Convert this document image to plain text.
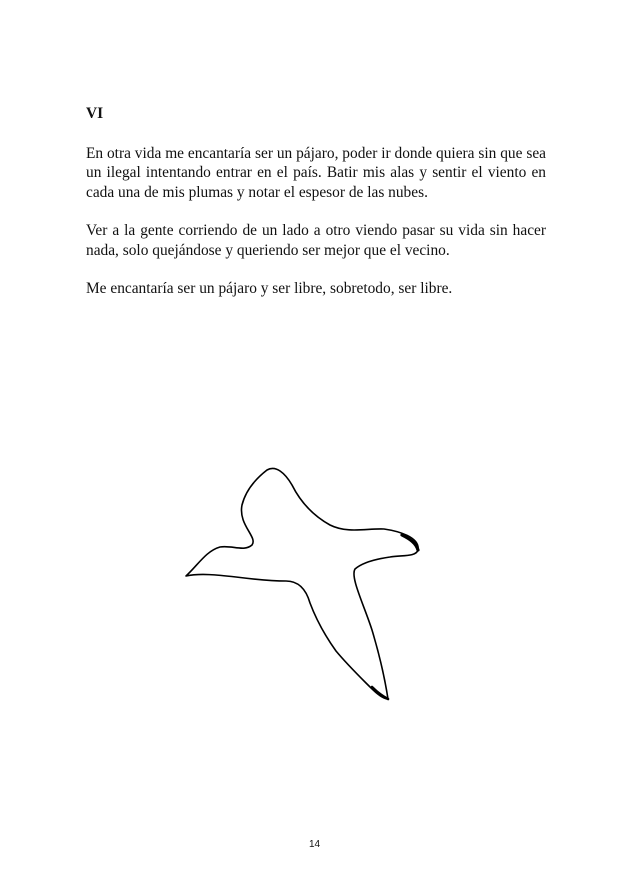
VI

En otra vida me encantaría ser un pájaro, poder ir donde quiera sin que sea un ilegal intentando entrar en el país. Batir mis alas y sentir el viento en cada una de mis plumas y notar el espesor de las nubes.

Ver a la gente corriendo de un lado a otro viendo pasar su vida sin hacer nada, solo quejándose y queriendo ser mejor que el vecino.

Me encantaría ser un pájaro y ser libre, sobretodo, ser libre.

14
